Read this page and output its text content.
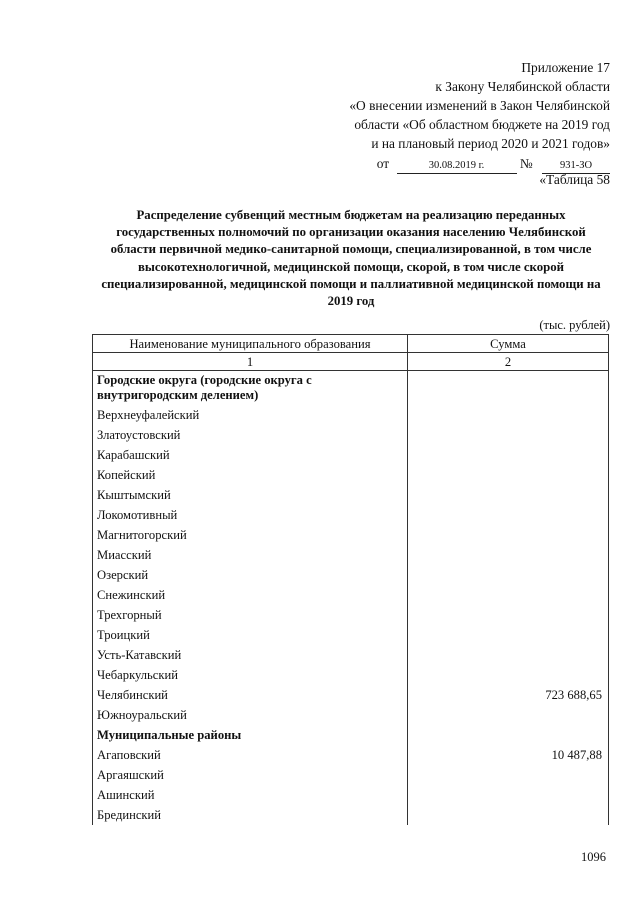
Приложение 17
к Закону Челябинской области
«О внесении изменений в Закон Челябинской
области «Об областном бюджете на 2019 год
и на плановый период 2020 и 2021 годов»
от	30.08.2019 г.	№	931-ЗО
«Таблица 58
Распределение субвенций местным бюджетам на реализацию переданных государственных полномочий по организации оказания населению Челябинской области первичной медико-санитарной помощи, специализированной, в том числе высокотехнологичной, медицинской помощи, скорой, в том числе скорой специализированной, медицинской помощи и паллиативной медицинской помощи на 2019 год
(тыс. рублей)
Наименование муниципального образования	Сумма
1	2
Городские округа (городские округа с внутригородским делением)	
Верхнеуфалейский	
Златоустовский	
Карабашский	
Копейский	
Кыштымский	
Локомотивный	
Магнитогорский	
Миасский	
Озерский	
Снежинский	
Трехгорный	
Троицкий	
Усть-Катавский	
Чебаркульский	
Челябинский	723 688,65
Южноуральский	
Муниципальные районы	
Агаповский	10 487,88
Аргаяшский	
Ашинский	
Брединский	
1096
